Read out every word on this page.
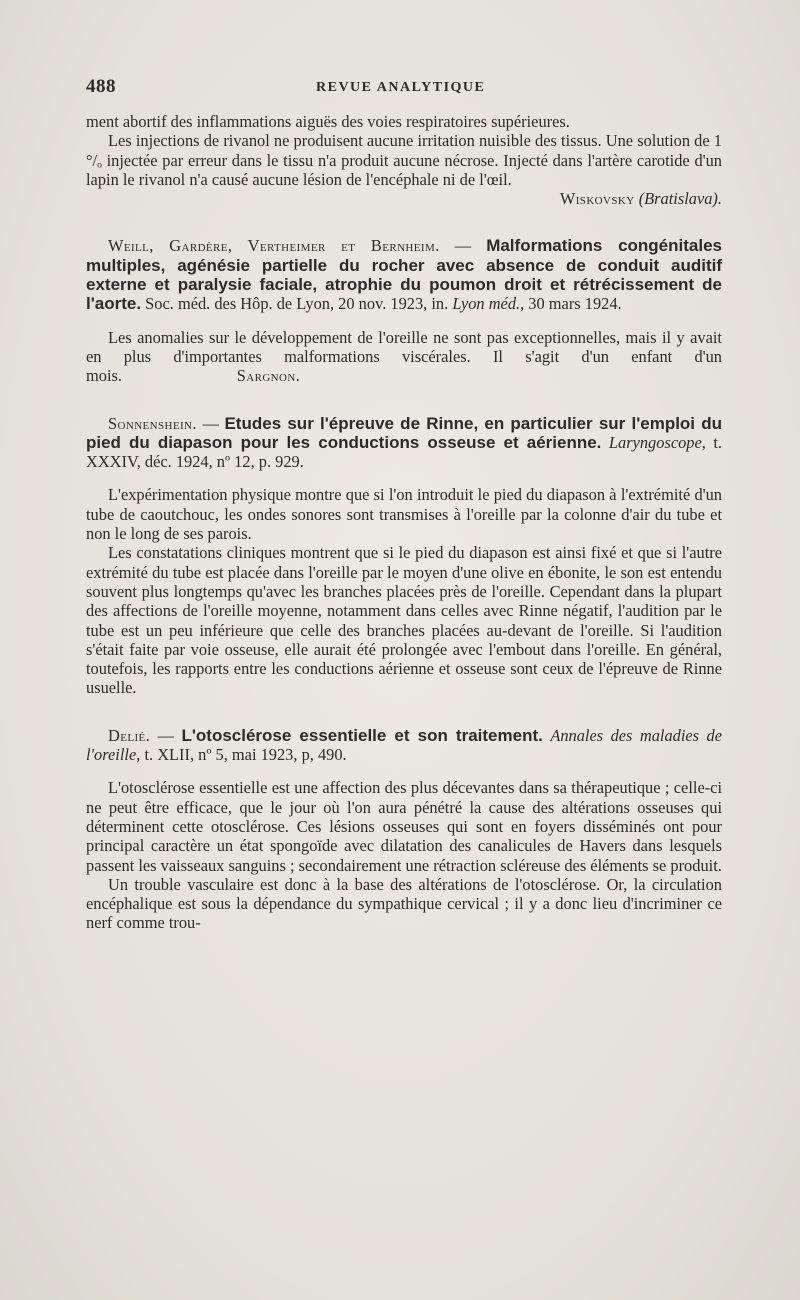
488	REVUE ANALYTIQUE

ment abortif des inflammations aiguës des voies respiratoires supérieures.

Les injections de rivanol ne produisent aucune irritation nuisible des tissus. Une solution de 1 °/ₒ injectée par erreur dans le tissu n'a produit aucune nécrose. Injecté dans l'artère carotide d'un lapin le rivanol n'a causé aucune lésion de l'encéphale ni de l'œil.

Wiskovsky (Bratislava).

Weill, Gardère, Vertheimer et Bernheim. — Malformations congénitales multiples, agénésie partielle du rocher avec absence de conduit auditif externe et paralysie faciale, atrophie du poumon droit et rétrécissement de l'aorte. Soc. méd. des Hôp. de Lyon, 20 nov. 1923, in. Lyon méd., 30 mars 1924.

Les anomalies sur le développement de l'oreille ne sont pas exceptionnelles, mais il y avait en plus d'importantes malformations viscérales. Il s'agit d'un enfant d'un mois.	Sargnon.

Sonnenshein. — Etudes sur l'épreuve de Rinne, en particulier sur l'emploi du pied du diapason pour les conductions osseuse et aérienne. Laryngoscope, t. XXXIV, déc. 1924, nº 12, p. 929.

L'expérimentation physique montre que si l'on introduit le pied du diapason à l'extrémité d'un tube de caoutchouc, les ondes sonores sont transmises à l'oreille par la colonne d'air du tube et non le long de ses parois.

Les constatations cliniques montrent que si le pied du diapason est ainsi fixé et que si l'autre extrémité du tube est placée dans l'oreille par le moyen d'une olive en ébonite, le son est entendu souvent plus longtemps qu'avec les branches placées près de l'oreille. Cependant dans la plupart des affections de l'oreille moyenne, notamment dans celles avec Rinne négatif, l'audition par le tube est un peu inférieure que celle des branches placées au-devant de l'oreille. Si l'audition s'était faite par voie osseuse, elle aurait été prolongée avec l'embout dans l'oreille. En général, toutefois, les rapports entre les conductions aérienne et osseuse sont ceux de l'épreuve de Rinne usuelle.

Delié. — L'otosclérose essentielle et son traitement. Annales des maladies de l'oreille, t. XLII, nº 5, mai 1923, p, 490.

L'otosclérose essentielle est une affection des plus décevantes dans sa thérapeutique ; celle-ci ne peut être efficace, que le jour où l'on aura pénétré la cause des altérations osseuses qui déterminent cette otosclérose. Ces lésions osseuses qui sont en foyers disséminés ont pour principal caractère un état spongoïde avec dilatation des canalicules de Havers dans lesquels passent les vaisseaux sanguins ; secondairement une rétraction scléreuse des éléments se produit.

Un trouble vasculaire est donc à la base des altérations de l'otosclérose. Or, la circulation encéphalique est sous la dépendance du sympathique cervical ; il y a donc lieu d'incriminer ce nerf comme trou-
